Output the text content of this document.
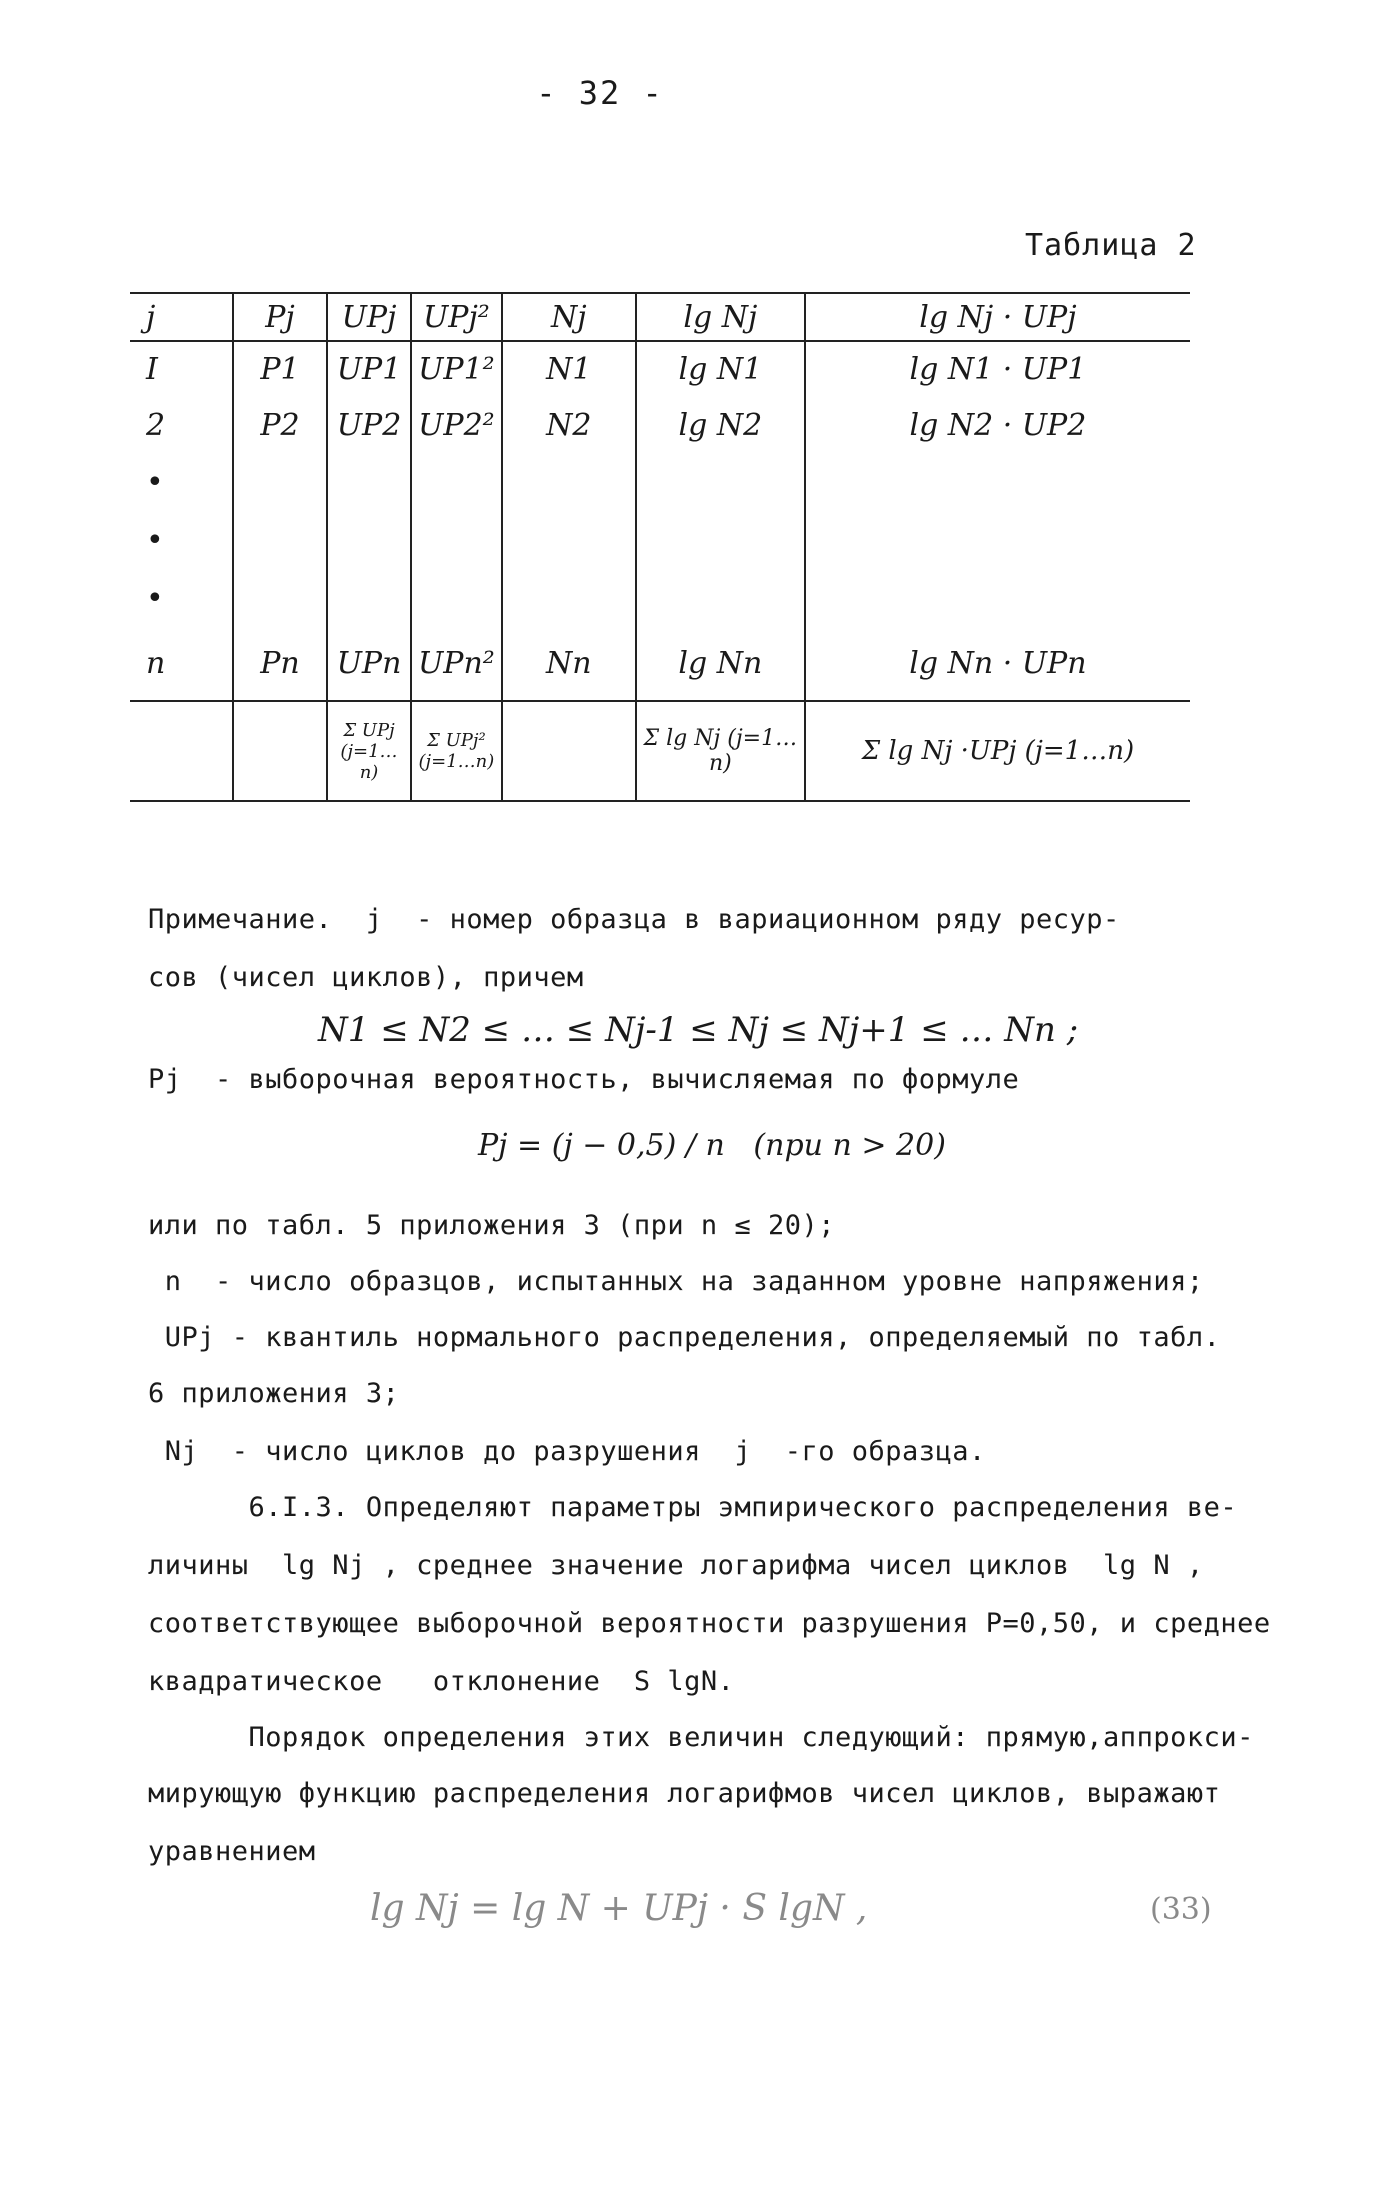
- 32 -
Таблица 2
j	Pj	UPj	UPj²	Nj	lg Nj	lg Nj · UPj
I	P1	UP1	UP1²	N1	lg N1	lg N1 · UP1
2	P2	UP2	UP2²	N2	lg N2	lg N2 · UP2
•						
•						
•						
n	Pn	UPn	UPn²	Nn	lg Nn	lg Nn · UPn
		Σ UPj (j=1…n)	Σ UPj² (j=1…n)		Σ lg Nj (j=1…n)	Σ lg Nj ·UPj (j=1…n)
Примечание.  j  - номер образца в вариационном ряду ресур-
сов (чисел циклов), причем
N1 ≤ N2 ≤ … ≤ Nj-1 ≤ Nj ≤ Nj+1 ≤ … Nn ;
Pj  - выборочная вероятность, вычисляемая по формуле
Pj = (j − 0,5) / n   (при n > 20)
или по табл. 5 приложения 3 (при n ≤ 20);
n  - число образцов, испытанных на заданном уровне напряжения;
UPj - квантиль нормального распределения, определяемый по табл.
6 приложения 3;
Nj  - число циклов до разрушения  j  -го образца.
6.I.3. Определяют параметры эмпирического распределения ве-
личины  lg Nj , среднее значение логарифма чисел циклов  lg N ,
соответствующее выборочной вероятности разрушения P=0,50, и среднее
квадратическое   отклонение  S lgN.
Порядок определения этих величин следующий: прямую,аппрокси-
мирующую функцию распределения логарифмов чисел циклов, выражают
уравнением
lg Nj = lg N + UPj · S lgN ,	(33)
